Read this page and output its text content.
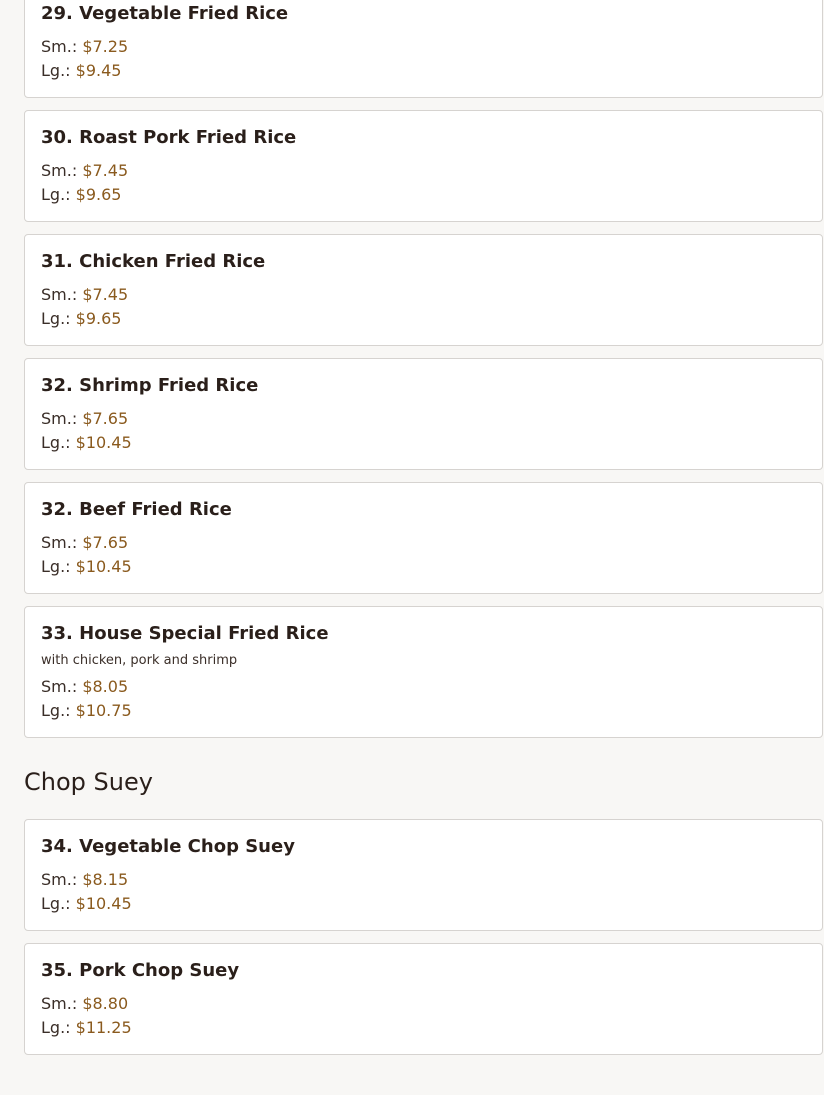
29. Vegetable Fried Rice
Sm.: $7.25
Lg.: $9.45
30. Roast Pork Fried Rice
Sm.: $7.45
Lg.: $9.65
31. Chicken Fried Rice
Sm.: $7.45
Lg.: $9.65
32. Shrimp Fried Rice
Sm.: $7.65
Lg.: $10.45
32. Beef Fried Rice
Sm.: $7.65
Lg.: $10.45
33. House Special Fried Rice
with chicken, pork and shrimp
Sm.: $8.05
Lg.: $10.75
Chop Suey
34. Vegetable Chop Suey
Sm.: $8.15
Lg.: $10.45
35. Pork Chop Suey
Sm.: $8.80
Lg.: $11.25
